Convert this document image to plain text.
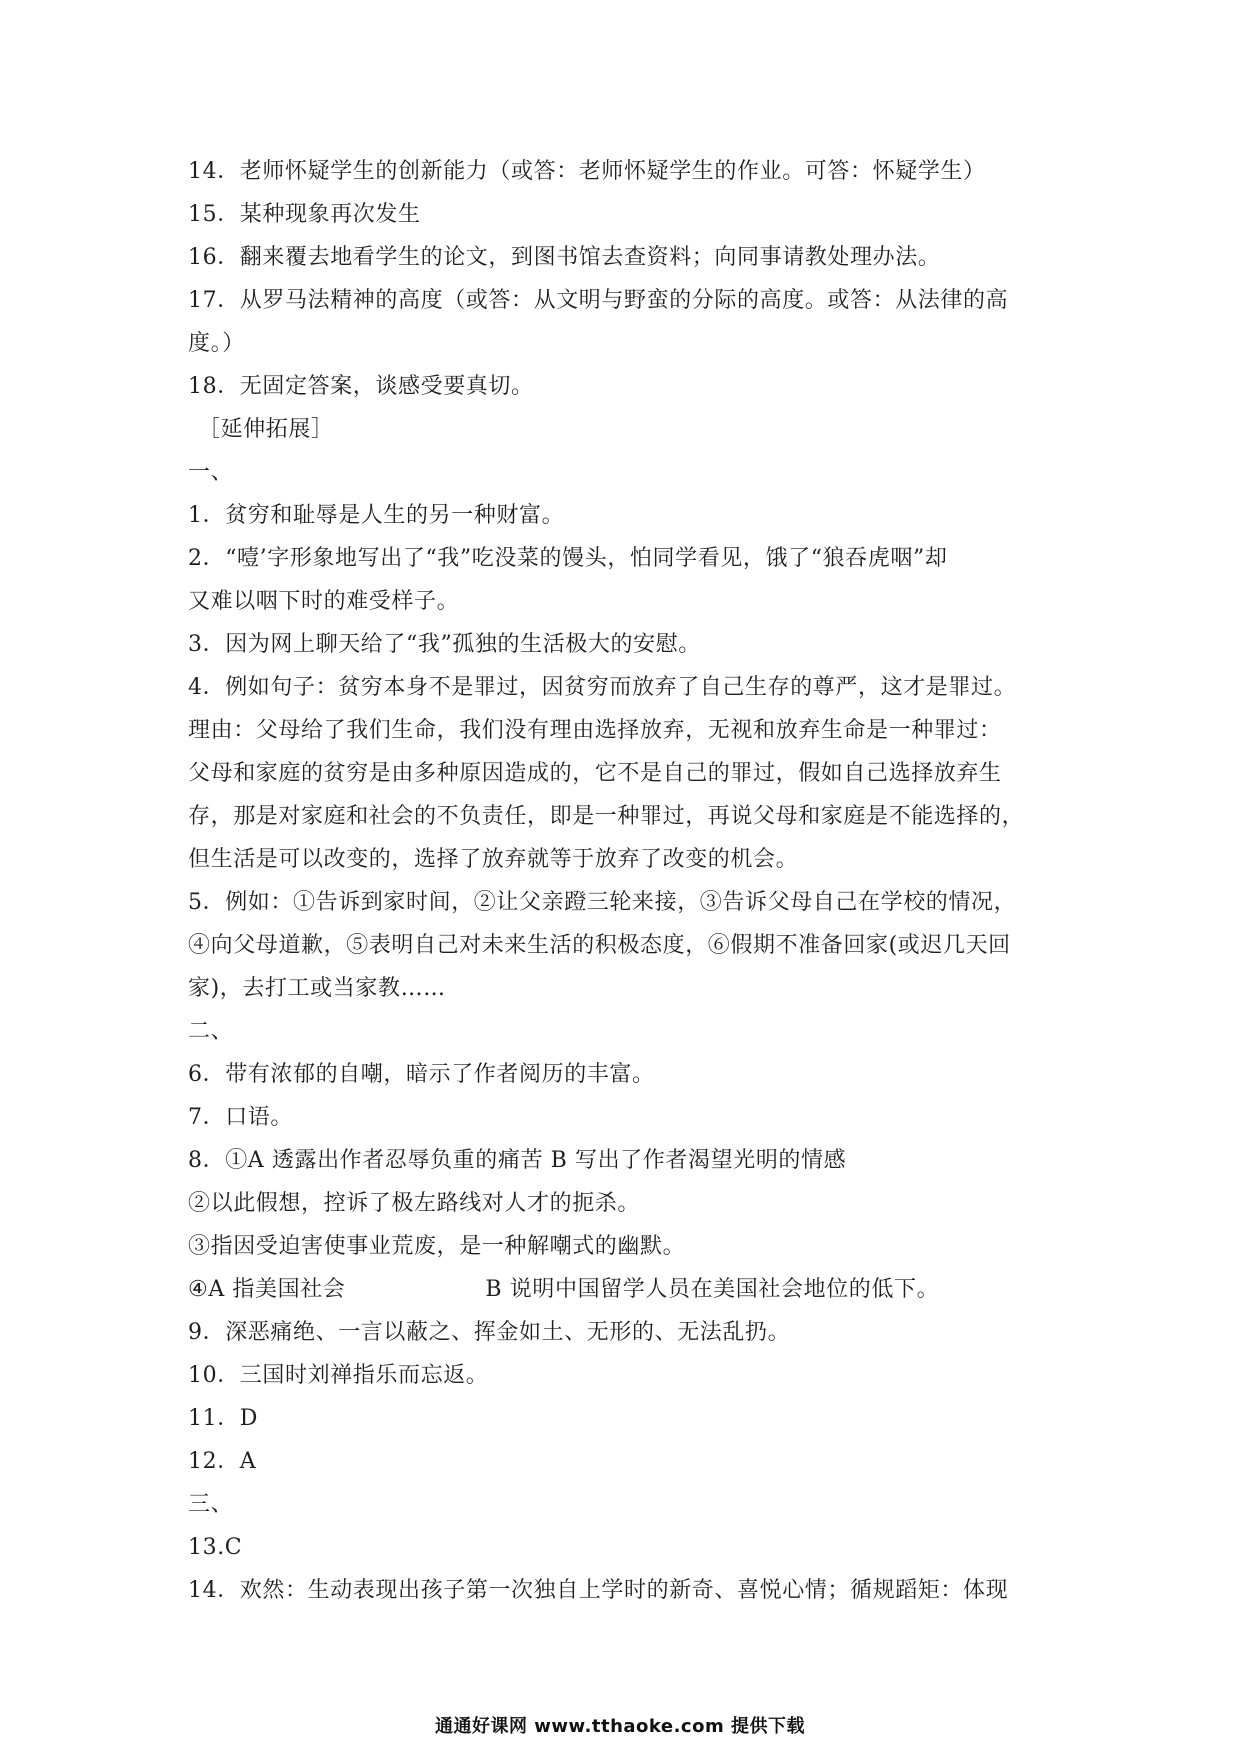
14．老师怀疑学生的创新能力（或答：老师怀疑学生的作业。可答：怀疑学生）
15．某种现象再次发生
16．翻来覆去地看学生的论文，到图书馆去查资料；向同事请教处理办法。
17．从罗马法精神的高度（或答：从文明与野蛮的分际的高度。或答：从法律的高
度。）
18．无固定答案，谈感受要真切。
［延伸拓展］
一、
1．贫穷和耻辱是人生的另一种财富。
2．“噎’字形象地写出了“我”吃没菜的馒头，怕同学看见，饿了“狼吞虎咽”却
又难以咽下时的难受样子。
3．因为网上聊天给了“我”孤独的生活极大的安慰。
4．例如句子：贫穷本身不是罪过，因贫穷而放弃了自己生存的尊严，这才是罪过。
理由：父母给了我们生命，我们没有理由选择放弃，无视和放弃生命是一种罪过：
父母和家庭的贫穷是由多种原因造成的，它不是自己的罪过，假如自己选择放弃生
存，那是对家庭和社会的不负责任，即是一种罪过，再说父母和家庭是不能选择的，
但生活是可以改变的，选择了放弃就等于放弃了改变的机会。
5．例如：①告诉到家时间，②让父亲蹬三轮来接，③告诉父母自己在学校的情况，
④向父母道歉，⑤表明自己对未来生活的积极态度，⑥假期不准备回家(或迟几天回
家)，去打工或当家教……
二、
6．带有浓郁的自嘲，暗示了作者阅历的丰富。
7．口语。
8．①A 透露出作者忍辱负重的痛苦 B 写出了作者渴望光明的情感
②以此假想，控诉了极左路线对人才的扼杀。
③指因受迫害使事业荒废，是一种解嘲式的幽默。
④A 指美国社会	B 说明中国留学人员在美国社会地位的低下。
9．深恶痛绝、一言以蔽之、挥金如土、无形的、无法乱扔。
10．三国时刘禅指乐而忘返。
11．D
12．A
三、
13.C
14．欢然：生动表现出孩子第一次独自上学时的新奇、喜悦心情；循规蹈矩：体现
通通好课网 www.tthaoke.com 提供下载
